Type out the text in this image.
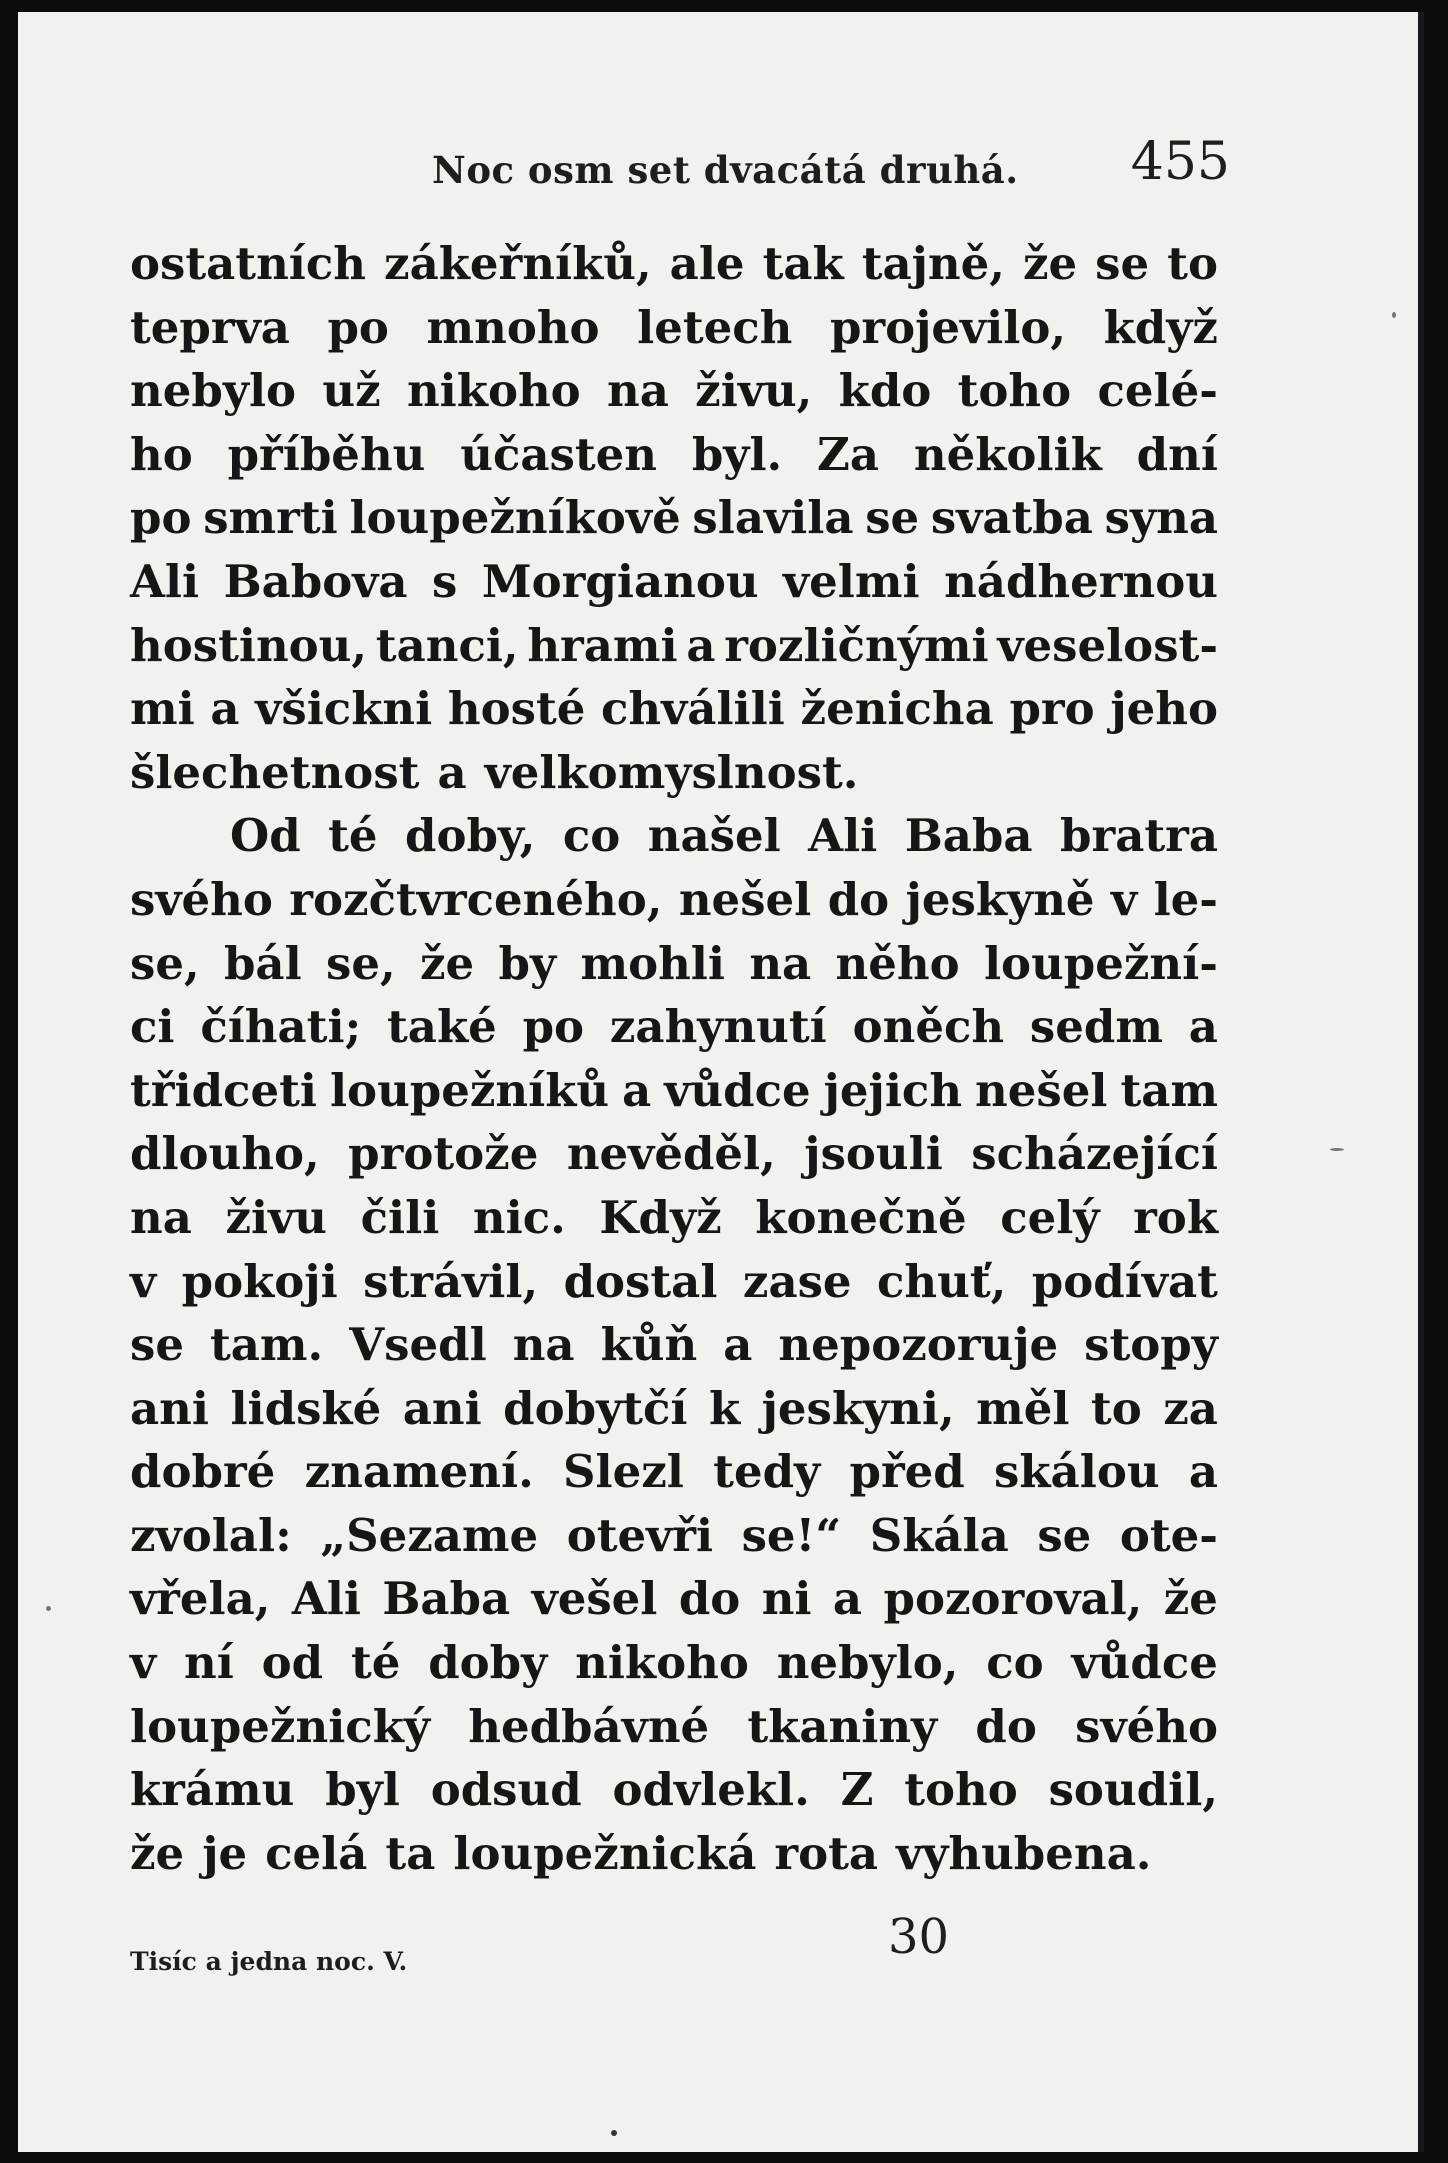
Noc osm set dvacátá druhá. 455
ostatních zákeřníků, ale tak tajně, že se to
teprva po mnoho letech projevilo, když
nebylo už nikoho na živu, kdo toho celé-
ho příběhu účasten byl. Za několik dní
po smrti loupežníkově slavila se svatba syna
Ali Babova s Morgianou velmi nádhernou
hostinou, tanci, hrami a rozličnými veselost-
mi a všickni hosté chválili ženicha pro jeho
šlechetnost a velkomyslnost.
Od té doby, co našel Ali Baba bratra
svého rozčtvrceného, nešel do jeskyně v le-
se, bál se, že by mohli na něho loupežní-
ci číhati; také po zahynutí oněch sedm a
třidceti loupežníků a vůdce jejich nešel tam
dlouho, protože nevěděl, jsouli scházející
na živu čili nic. Když konečně celý rok
v pokoji strávil, dostal zase chuť, podívat
se tam. Vsedl na kůň a nepozoruje stopy
ani lidské ani dobytčí k jeskyni, měl to za
dobré znamení. Slezl tedy před skálou a
zvolal: „Sezame otevři se!“ Skála se ote-
vřela, Ali Baba vešel do ni a pozoroval, že
v ní od té doby nikoho nebylo, co vůdce
loupežnický hedbávné tkaniny do svého
krámu byl odsud odvlekl. Z toho soudil,
že je celá ta loupežnická rota vyhubena.
Tisíc a jedna noc. V.	30
